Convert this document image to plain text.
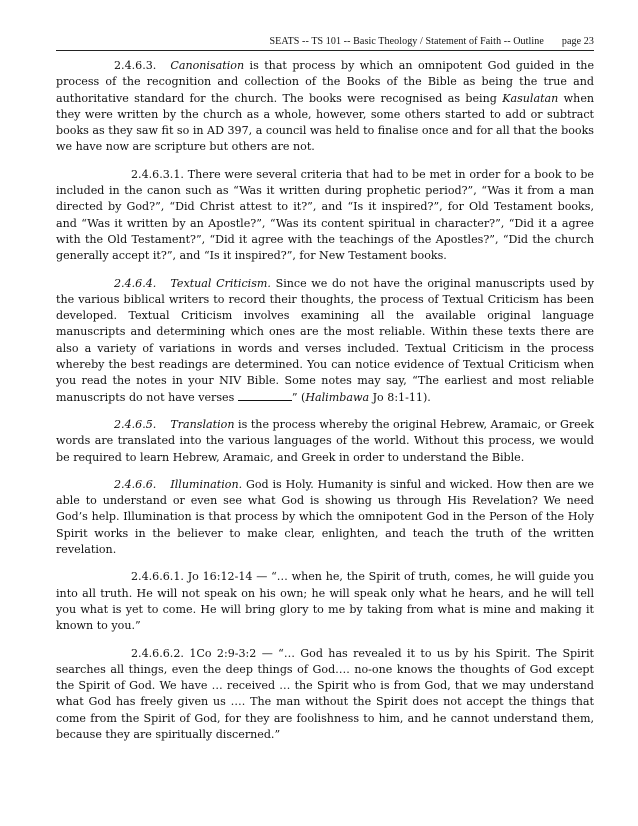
SEATS -- TS 101 -- Basic Theology / Statement of Faith -- Outline page 23

2.4.6.3. Canonisation is that process by which an omnipotent God guided in the process of the recognition and collection of the Books of the Bible as being the true and authoritative standard for the church. The books were recognised as being Kasulatan when they were written by the church as a whole, however, some others started to add or subtract books as they saw fit so in AD 397, a council was held to finalise once and for all that the books we have now are scripture but others are not.

2.4.6.3.1. There were several criteria that had to be met in order for a book to be included in the canon such as “Was it written during prophetic period?”, “Was it from a man directed by God?”, “Did Christ attest to it?”, and “Is it inspired?”, for Old Testament books, and “Was it written by an Apostle?”, “Was its content spiritual in character?”, “Did it a agree with the Old Testament?”, “Did it agree with the teachings of the Apostles?”, “Did the church generally accept it?”, and “Is it inspired?”, for New Testament books.

2.4.6.4. Textual Criticism. Since we do not have the original manuscripts used by the various biblical writers to record their thoughts, the process of Textual Criticism has been developed. Textual Criticism involves examining all the available original language manuscripts and determining which ones are the most reliable. Within these texts there are also a variety of variations in words and verses included. Textual Criticism in the process whereby the best readings are determined. You can notice evidence of Textual Criticism when you read the notes in your NIV Bible. Some notes may say, “The earliest and most reliable manuscripts do not have verses	” (Halimbawa Jo 8:1-11).

2.4.6.5. Translation is the process whereby the original Hebrew, Aramaic, or Greek words are translated into the various languages of the world. Without this process, we would be required to learn Hebrew, Aramaic, and Greek in order to understand the Bible.

2.4.6.6. Illumination. God is Holy. Humanity is sinful and wicked. How then are we able to understand or even see what God is showing us through His Revelation? We need God’s help. Illumination is that process by which the omnipotent God in the Person of the Holy Spirit works in the believer to make clear, enlighten, and teach the truth of the written revelation.

2.4.6.6.1. Jo 16:12-14 — “… when he, the Spirit of truth, comes, he will guide you into all truth. He will not speak on his own; he will speak only what he hears, and he will tell you what is yet to come. He will bring glory to me by taking from what is mine and making it known to you.”

2.4.6.6.2. 1Co 2:9-3:2 — “… God has revealed it to us by his Spirit. The Spirit searches all things, even the deep things of God…. no-one knows the thoughts of God except the Spirit of God. We have … received … the Spirit who is from God, that we may understand what God has freely given us …. The man without the Spirit does not accept the things that come from the Spirit of God, for they are foolishness to him, and he cannot understand them, because they are spiritually discerned.”
